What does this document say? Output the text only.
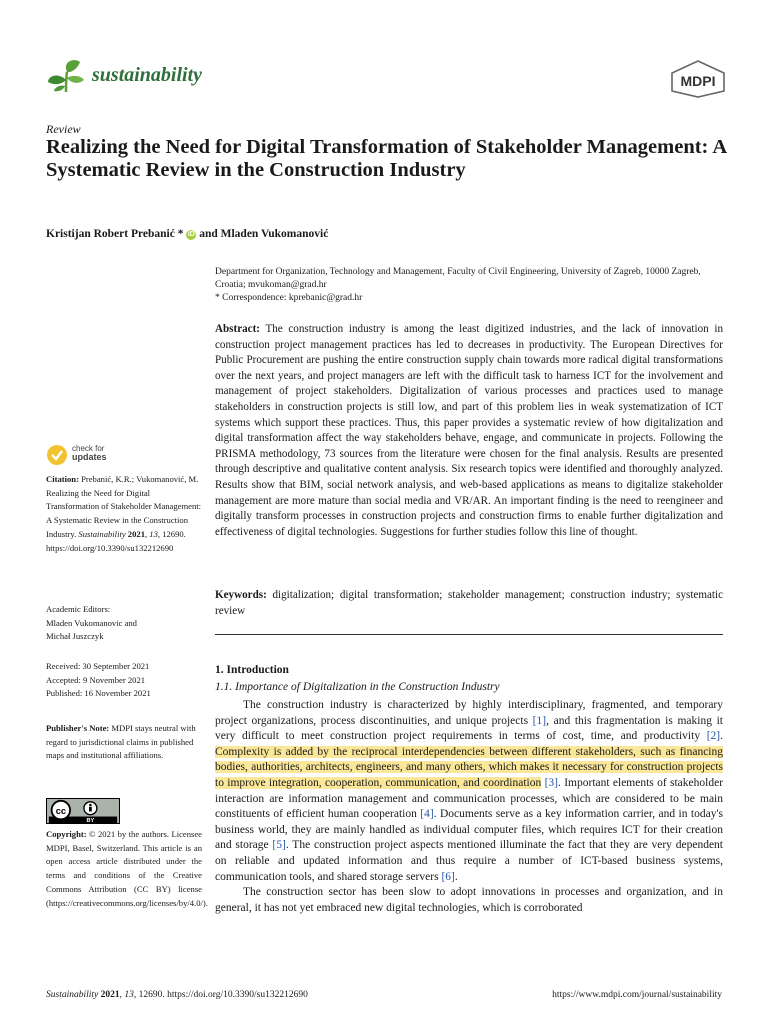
sustainability	MDPI
Review
Realizing the Need for Digital Transformation of Stakeholder Management: A Systematic Review in the Construction Industry
Kristijan Robert Prebanić * iD and Mladen Vukomanović
Department for Organization, Technology and Management, Faculty of Civil Engineering, University of Zagreb, 10000 Zagreb, Croatia; mvukoman@grad.hr
* Correspondence: kprebanic@grad.hr
Abstract: The construction industry is among the least digitized industries, and the lack of innovation in construction project management practices has led to decreases in productivity. The European Directives for Public Procurement are pushing the entire construction supply chain towards more radical digital transformations over the next years, and project managers are left with the difficult task to harness ICT for the involvement and management of project stakeholders. Digitalization of various processes and practices used to manage stakeholders in construction projects is still low, and part of this problem lies in weak systematization of ICT systems which support these practices. Thus, this paper provides a systematic review of how digitalization and digital transformation affect the way stakeholders behave, engage, and communicate in projects. Following the PRISMA methodology, 73 sources from the literature were chosen for the final analysis. Results are presented through descriptive and qualitative content analysis. Six research topics were identified and thoroughly analyzed. Results show that BIM, social network analysis, and web-based applications as means to digitalize stakeholder management are more mature than social media and VR/AR. An important finding is the need to reengineer and digitally transform processes in construction projects and construction firms to enable further digitalization and effectiveness of digital technologies. Suggestions for further studies follow this line of thought.
Keywords: digitalization; digital transformation; stakeholder management; construction industry; systematic review
1. Introduction
1.1. Importance of Digitalization in the Construction Industry

The construction industry is characterized by highly interdisciplinary, fragmented, and temporary project organizations, process discontinuities, and unique projects [1], and this fragmentation is making it very difficult to meet construction project requirements in terms of cost, time, and productivity [2]. Complexity is added by the reciprocal interdependencies between different stakeholders, such as financing bodies, authorities, architects, engineers, and many others, which makes it necessary for construction projects to improve integration, cooperation, communication, and coordination [3]. Important elements of stakeholder interaction are information management and communication processes, which are considered to be main constituents of efficient human cooperation [4]. Documents serve as a key information carrier, and in today's business world, they are mainly handled as individual computer files, which requires ICT for their creation and storage [5]. The construction project aspects mentioned illuminate the fact that they are very dependent on reliable and updated information and thus require a number of ICT-based business systems, communication tools, and shared storage servers [6].

The construction sector has been slow to adopt innovations in processes and organization, and in general, it has not yet embraced new digital technologies, which is corroborated

check for
updates
Citation: Prebanić, K.R.; Vukomanović, M. Realizing the Need for Digital Transformation of Stakeholder Management: A Systematic Review in the Construction Industry. Sustainability 2021, 13, 12690. https://doi.org/10.3390/su132212690
Academic Editors:
Mladen Vukomanovic and
Michał Juszczyk
Received: 30 September 2021
Accepted: 9 November 2021
Published: 16 November 2021
Publisher's Note: MDPI stays neutral with regard to jurisdictional claims in published maps and institutional affiliations.
cc
BY
Copyright: © 2021 by the authors. Licensee MDPI, Basel, Switzerland. This article is an open access article distributed under the terms and conditions of the Creative Commons Attribution (CC BY) license (https://creativecommons.org/licenses/by/4.0/).
Sustainability 2021, 13, 12690. https://doi.org/10.3390/su132212690	https://www.mdpi.com/journal/sustainability
